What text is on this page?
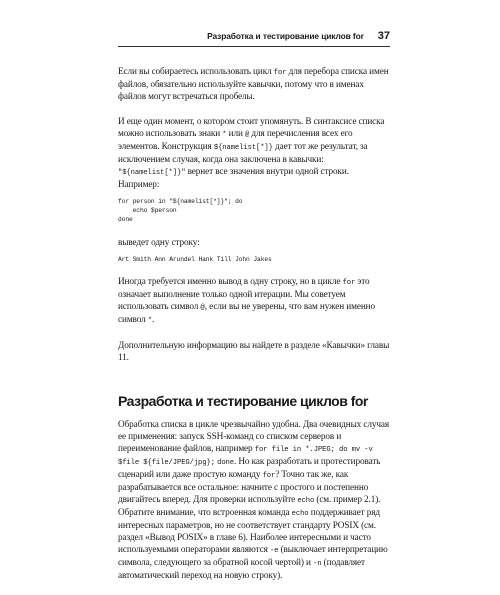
Разработка и тестирование циклов for 37

Если вы собираетесь использовать цикл for для перебора списка имен файлов, обязательно используйте кавычки, потому что в именах файлов могут встречаться пробелы.

И еще один момент, о котором стоит упомянуть. В синтаксисе списка можно использовать знаки * или @ для перечисления всех его элементов. Конструкция ${namelist[*]} дает тот же результат, за исключением случая, когда она заключена в кавычки: "${namelist[*]}" вернет все значения внутри одной строки. Например:

for person in "${namelist[*]}"; do
echo $person
done

выведет одну строку:

Art Smith Ann Arundel Hank Till John Jakes

Иногда требуется именно вывод в одну строку, но в цикле for это означает выполнение только одной итерации. Мы советуем использовать символ @, если вы не уверены, что вам нужен именно символ *.

Дополнительную информацию вы найдете в разделе «Кавычки» главы 11.

Разработка и тестирование циклов for

Обработка списка в цикле чрезвычайно удобна. Два очевидных случая ее применения: запуск SSH-команд со списком серверов и переименование файлов, например for file in *.JPEG; do mv -v $file ${file/JPEG/jpg}; done. Но как разработать и протестировать сценарий или даже простую команду for? Точно так же, как разрабатывается все остальное: начните с простого и постепенно двигайтесь вперед. Для проверки используйте echo (см. пример 2.1). Обратите внимание, что встроенная команда echo поддерживает ряд интересных параметров, но не соответствует стандарту POSIX (см. раздел «Вывод POSIX» в главе 6). Наиболее интересными и часто используемыми операторами являются -e (выключает интерпретацию символа, следующего за обратной косой чертой) и -n (подавляет автоматический переход на новую строку).
